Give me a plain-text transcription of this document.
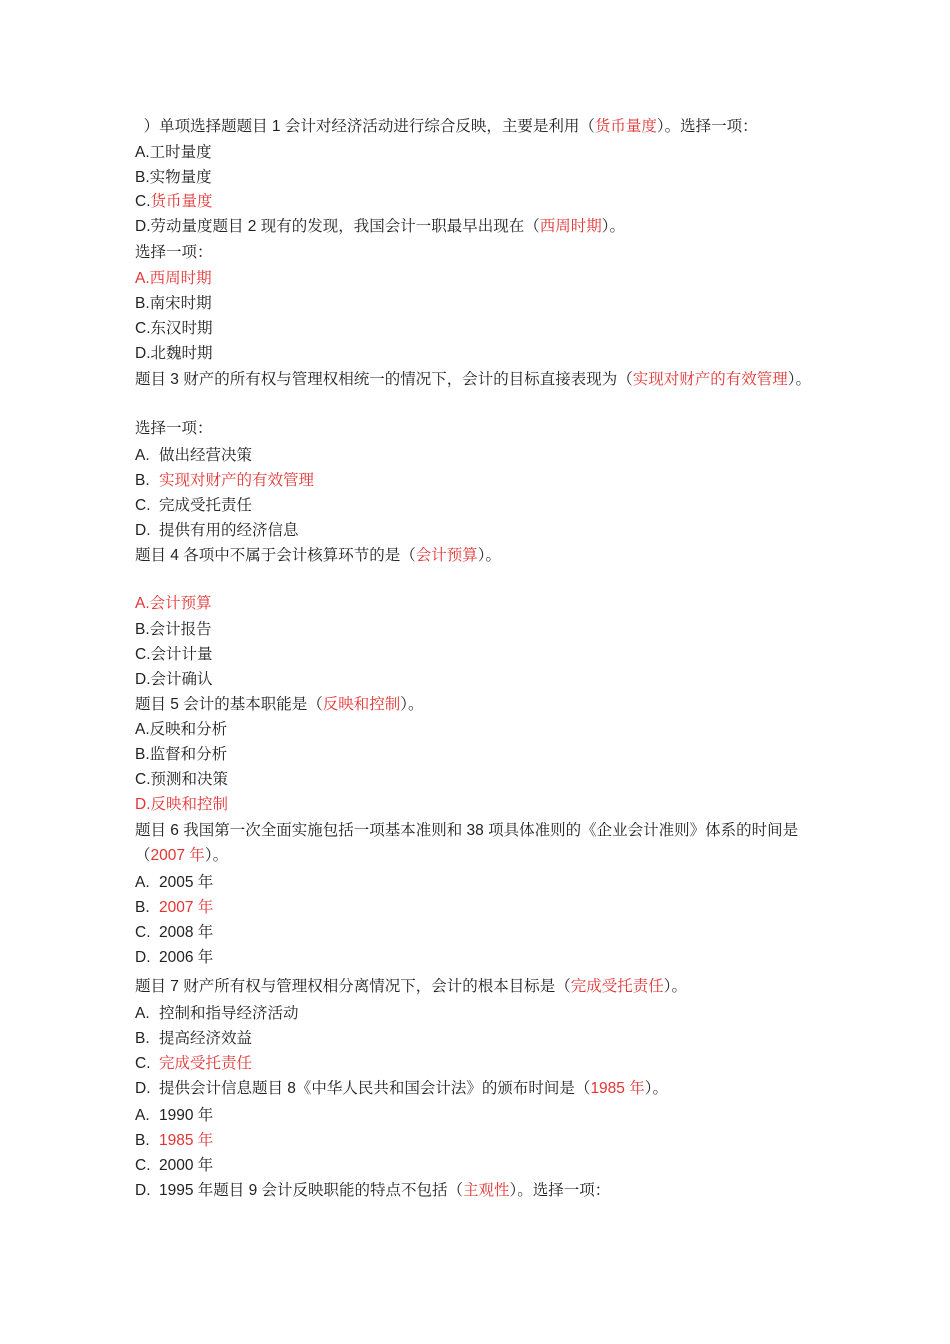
）单项选择题题目 1 会计对经济活动进行综合反映，主要是利用（货币量度）。选择一项：
A.工时量度
B.实物量度
C.货币量度
D.劳动量度题目 2 现有的发现，我国会计一职最早出现在（西周时期）。
选择一项：
A.西周时期
B.南宋时期
C.东汉时期
D.北魏时期
题目 3 财产的所有权与管理权相统一的情况下，会计的目标直接表现为（实现对财产的有效管理）。
选择一项：
A. 做出经营决策
B. 实现对财产的有效管理
C. 完成受托责任
D. 提供有用的经济信息
题目 4 各项中不属于会计核算环节的是（会计预算）。
A.会计预算
B.会计报告
C.会计计量
D.会计确认
题目 5 会计的基本职能是（反映和控制）。
A.反映和分析
B.监督和分析
C.预测和决策
D.反映和控制
题目 6 我国第一次全面实施包括一项基本准则和 38 项具体准则的《企业会计准则》体系的时间是（2007 年）。
A. 2005 年
B. 2007 年
C. 2008 年
D. 2006 年
题目 7 财产所有权与管理权相分离情况下，会计的根本目标是（完成受托责任）。
A. 控制和指导经济活动
B. 提高经济效益
C. 完成受托责任
D. 提供会计信息题目 8《中华人民共和国会计法》的颁布时间是（1985 年）。
A. 1990 年
B. 1985 年
C. 2000 年
D. 1995 年题目 9 会计反映职能的特点不包括（主观性）。选择一项：
